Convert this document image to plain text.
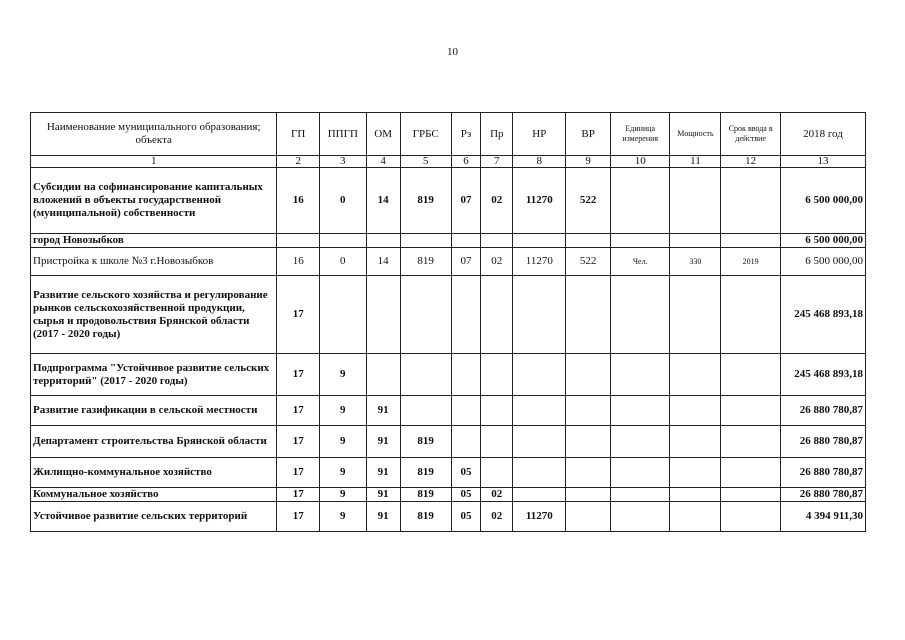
10
Наименование муниципального образования; объекта	ГП	ППГП	ОМ	ГРБС	Рз	Пр	НР	ВР	Единица измерения	Мощность	Срок ввода в действие	2018 год
1	2	3	4	5	6	7	8	9	10	11	12	13
Субсидии на софинансирование капитальных вложений в объекты государственной (муниципальной) собственности	16	0	14	819	07	02	11270	522				6 500 000,00
город Новозыбков												6 500 000,00
Пристройка к школе №3 г.Новозыбков	16	0	14	819	07	02	11270	522	Чел.	330	2019	6 500 000,00
Развитие сельского хозяйства и регулирование рынков сельскохозяйственной продукции, сырья и продовольствия Брянской области (2017 - 2020 годы)	17											245 468 893,18
Подпрограмма "Устойчивое развитие сельских территорий" (2017 - 2020 годы)	17	9										245 468 893,18
Развитие газификации в сельской местности	17	9	91									26 880 780,87
Департамент строительства Брянской области	17	9	91	819								26 880 780,87
Жилищно-коммунальное хозяйство	17	9	91	819	05							26 880 780,87
Коммунальное хозяйство	17	9	91	819	05	02						26 880 780,87
Устойчивое развитие сельских территорий	17	9	91	819	05	02	11270					4 394 911,30
